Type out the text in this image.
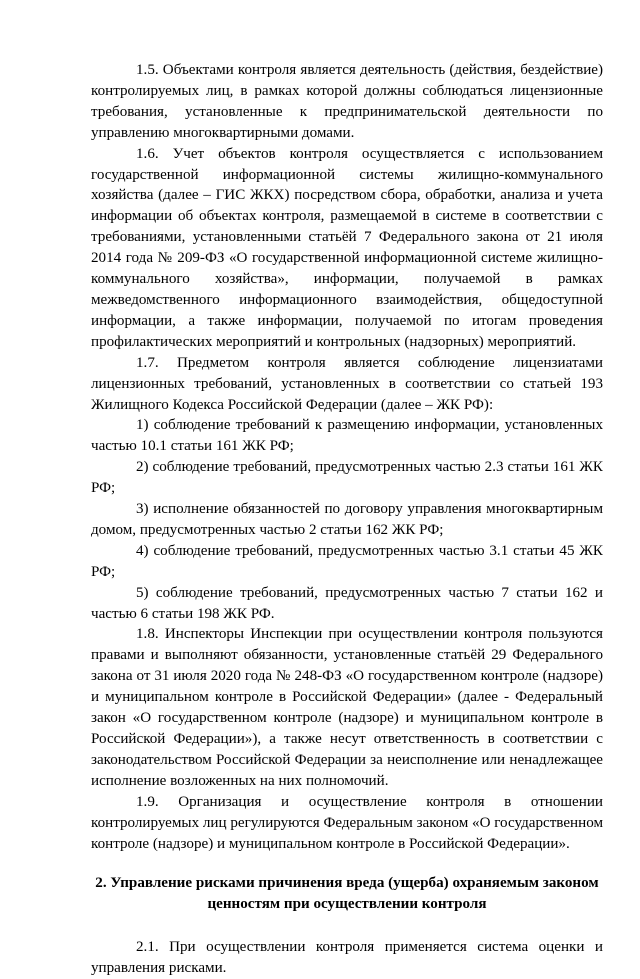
1.5. Объектами контроля является деятельность (действия, бездействие) контролируемых лиц, в рамках которой должны соблюдаться лицензионные требования, установленные к предпринимательской деятельности по управлению многоквартирными домами.

1.6. Учет объектов контроля осуществляется с использованием государственной информационной системы жилищно-коммунального хозяйства (далее – ГИС ЖКХ) посредством сбора, обработки, анализа и учета информации об объектах контроля, размещаемой в системе в соответствии с требованиями, установленными статьёй 7 Федерального закона от 21 июля 2014 года № 209-ФЗ «О государственной информационной системе жилищно-коммунального хозяйства», информации, получаемой в рамках межведомственного информационного взаимодействия, общедоступной информации, а также информации, получаемой по итогам проведения профилактических мероприятий и контрольных (надзорных) мероприятий.

1.7. Предметом контроля является соблюдение лицензиатами лицензионных требований, установленных в соответствии со статьей 193 Жилищного Кодекса Российской Федерации (далее – ЖК РФ):

1) соблюдение требований к размещению информации, установленных частью 10.1 статьи 161 ЖК РФ;

2) соблюдение требований, предусмотренных частью 2.3 статьи 161 ЖК РФ;

3) исполнение обязанностей по договору управления многоквартирным домом, предусмотренных частью 2 статьи 162 ЖК РФ;

4) соблюдение требований, предусмотренных частью 3.1 статьи 45 ЖК РФ;

5) соблюдение требований, предусмотренных частью 7 статьи 162 и частью 6 статьи 198 ЖК РФ.

1.8. Инспекторы Инспекции при осуществлении контроля пользуются правами и выполняют обязанности, установленные статьёй 29 Федерального закона от 31 июля 2020 года № 248-ФЗ «О государственном контроле (надзоре) и муниципальном контроле в Российской Федерации» (далее - Федеральный закон «О государственном контроле (надзоре) и муниципальном контроле в Российской Федерации»), а также несут ответственность в соответствии с законодательством Российской Федерации за неисполнение или ненадлежащее исполнение возложенных на них полномочий.

1.9. Организация и осуществление контроля в отношении контролируемых лиц регулируются Федеральным законом «О государственном контроле (надзоре) и муниципальном контроле в Российской Федерации».

2. Управление рисками причинения вреда (ущерба) охраняемым законом ценностям при осуществлении контроля

2.1. При осуществлении контроля применяется система оценки и управления рисками.
